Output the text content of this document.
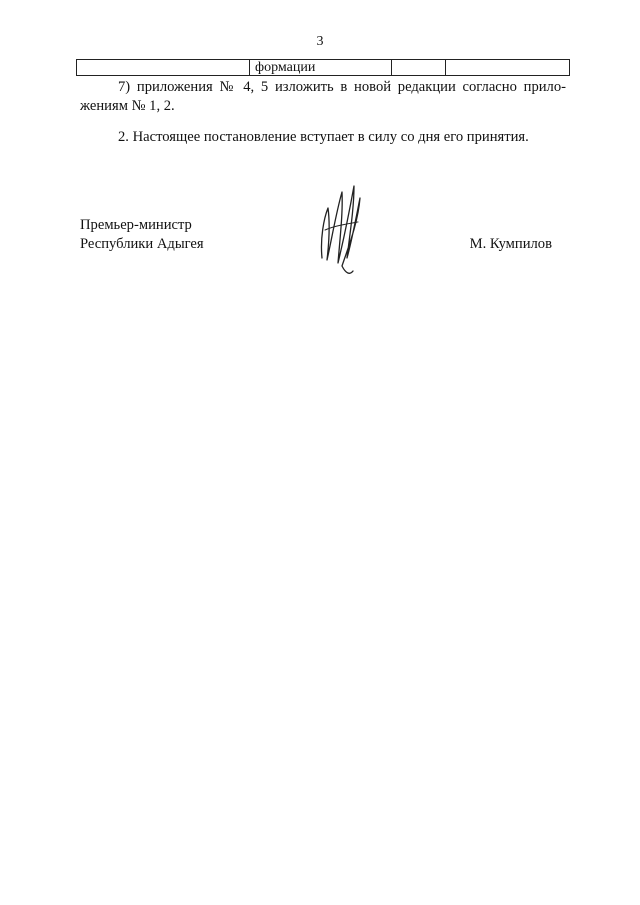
3
формации
7) приложения № 4, 5 изложить в новой редакции согласно прило-
жениям № 1, 2.
2. Настоящее постановление вступает в силу со дня его принятия.
Премьер-министр
Республики Адыгея	М. Кумпилов
